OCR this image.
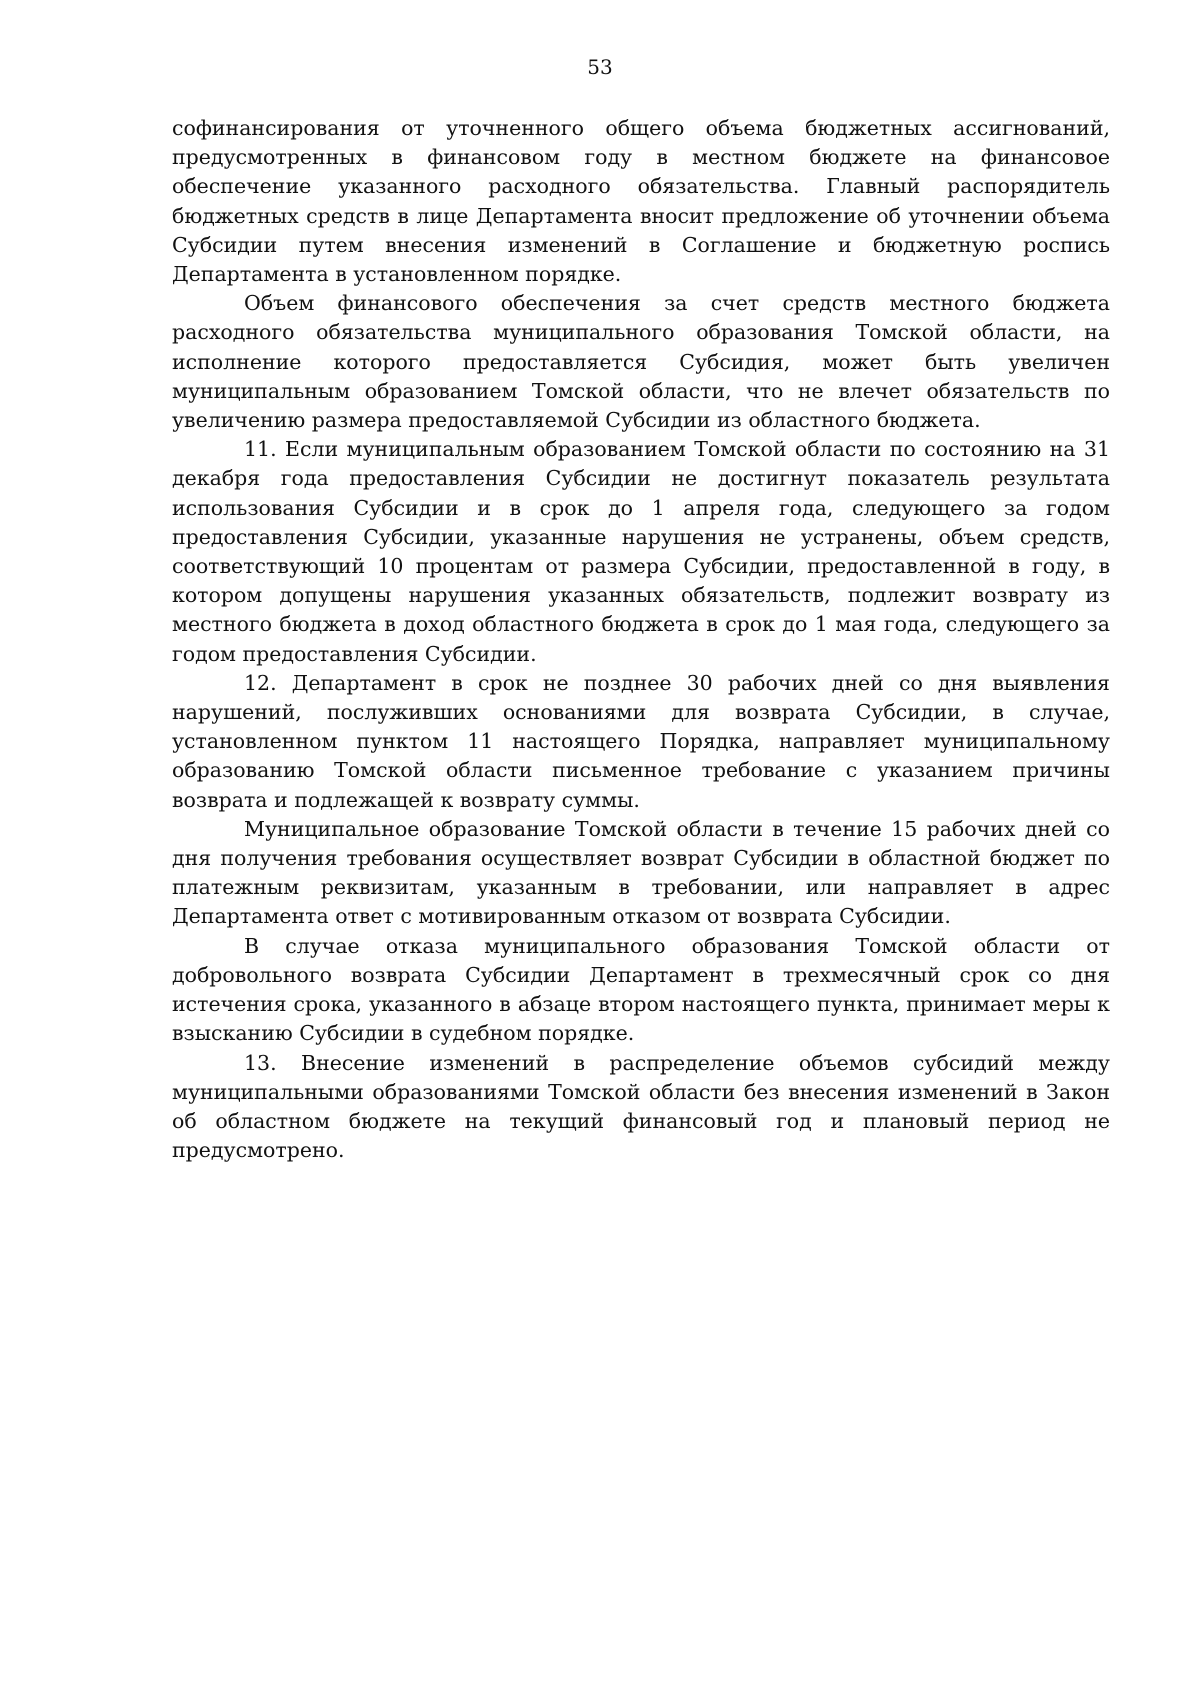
53

софинансирования от уточненного общего объема бюджетных ассигнований, предусмотренных в финансовом году в местном бюджете на финансовое обеспечение указанного расходного обязательства. Главный распорядитель бюджетных средств в лице Департамента вносит предложение об уточнении объема Субсидии путем внесения изменений в Соглашение и бюджетную роспись Департамента в установленном порядке.

Объем финансового обеспечения за счет средств местного бюджета расходного обязательства муниципального образования Томской области, на исполнение которого предоставляется Субсидия, может быть увеличен муниципальным образованием Томской области, что не влечет обязательств по увеличению размера предоставляемой Субсидии из областного бюджета.

11. Если муниципальным образованием Томской области по состоянию на 31 декабря года предоставления Субсидии не достигнут показатель результата использования Субсидии и в срок до 1 апреля года, следующего за годом предоставления Субсидии, указанные нарушения не устранены, объем средств, соответствующий 10 процентам от размера Субсидии, предоставленной в году, в котором допущены нарушения указанных обязательств, подлежит возврату из местного бюджета в доход областного бюджета в срок до 1 мая года, следующего за годом предоставления Субсидии.

12. Департамент в срок не позднее 30 рабочих дней со дня выявления нарушений, послуживших основаниями для возврата Субсидии, в случае, установленном пунктом 11 настоящего Порядка, направляет муниципальному образованию Томской области письменное требование с указанием причины возврата и подлежащей к возврату суммы.

Муниципальное образование Томской области в течение 15 рабочих дней со дня получения требования осуществляет возврат Субсидии в областной бюджет по платежным реквизитам, указанным в требовании, или направляет в адрес Департамента ответ с мотивированным отказом от возврата Субсидии.

В случае отказа муниципального образования Томской области от добровольного возврата Субсидии Департамент в трехмесячный срок со дня истечения срока, указанного в абзаце втором настоящего пункта, принимает меры к взысканию Субсидии в судебном порядке.

13. Внесение изменений в распределение объемов субсидий между муниципальными образованиями Томской области без внесения изменений в Закон об областном бюджете на текущий финансовый год и плановый период не предусмотрено.
